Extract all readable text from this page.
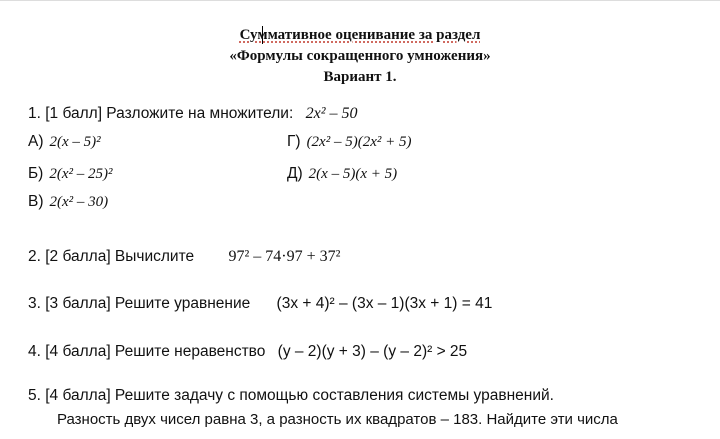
Суммативное оценивание за раздел
«Формулы сокращенного умножения»
Вариант 1.
1. [1 балл] Разложите на множители: 2x² – 50
А) 2(x – 5)²	Г) (2x² – 5)(2x² + 5)
Б) 2(x² – 25)²	Д) 2(x – 5)(x + 5)
В) 2(x² – 30)
2. [2 балла] Вычислите 97² – 74·97 + 37²
3. [3 балла] Решите уравнение (3x + 4)² – (3x – 1)(3x + 1) = 41
4. [4 балла] Решите неравенство (y – 2)(y + 3) – (y – 2)² > 25
5. [4 балла] Решите задачу с помощью составления системы уравнений.
Разность двух чисел равна 3, а разность их квадратов – 183. Найдите эти числа
